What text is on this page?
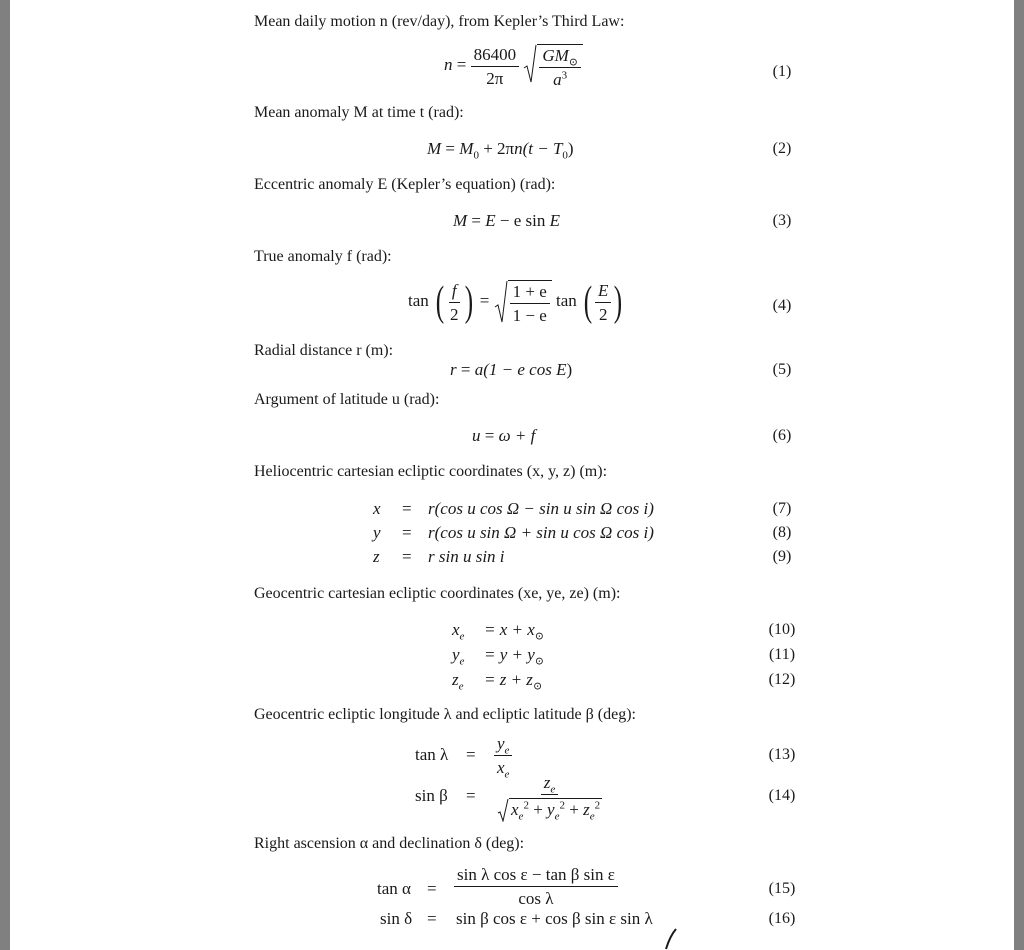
Mean daily motion n (rev/day), from Kepler’s Third Law:
Mean anomaly M at time t (rad):
Eccentric anomaly E (Kepler’s equation) (rad):
True anomaly f (rad):
Radial distance r (m):
Argument of latitude u (rad):
Heliocentric cartesian ecliptic coordinates (x, y, z) (m):
Geocentric cartesian ecliptic coordinates (xe, ye, ze) (m):
Geocentric ecliptic longitude λ and ecliptic latitude β (deg):
Right ascension α and declination δ (deg):
$n = \frac{86400}{2\pi}$
$\frac{GM_⊙}{a^3}$
$M = M_0 + 2\pi n(t - T_0)$
M = E − e sin E
tan ( $\frac{f}{2}$ ) = $\frac{1 + e}{1 - e}$ tan ( $\frac{E}{2}$ )
r = a(1 − e cos E)
u = ω + f
x = r(cos u cos Ω − sin u sin Ω cos i)
y = r(cos u sin Ω + sin u cos Ω cos i)
z = r sin u sin i
$x_e = x + x_⊙$
$y_e = y + y_⊙$
$z_e = z + z_⊙$
$\tan \lambda = \frac{y_e}{x_e}$
$\sin \beta = \frac{z_e}{x_e^2 + y_e^2 + z_e^2}$
$\tan \alpha = \frac{\text{sin λ cos ε − tan β sin ε}}{\text{cos λ}}$
sin δ = sin β cos ε + cos β sin ε sin λ
(1)
(2)
(3)
(4)
(5)
(6)
(7)
(8)
(9)
(10)
(11)
(12)
(13)
(14)
(15)
(16)
